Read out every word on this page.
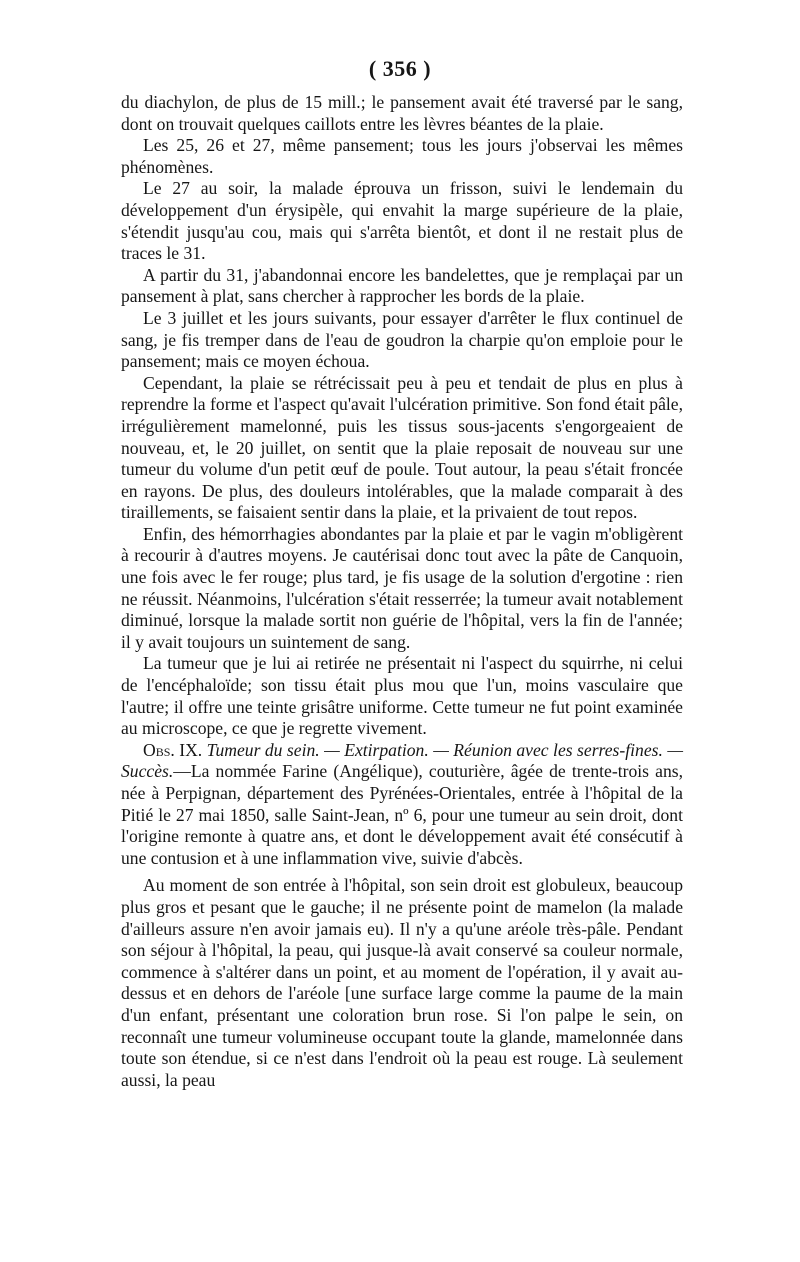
( 356 )

du diachylon, de plus de 15 mill.; le pansement avait été traversé par le sang, dont on trouvait quelques caillots entre les lèvres béantes de la plaie.

Les 25, 26 et 27, même pansement; tous les jours j'observai les mêmes phénomènes.

Le 27 au soir, la malade éprouva un frisson, suivi le lendemain du développement d'un érysipèle, qui envahit la marge supérieure de la plaie, s'étendit jusqu'au cou, mais qui s'arrêta bientôt, et dont il ne restait plus de traces le 31.

A partir du 31, j'abandonnai encore les bandelettes, que je remplaçai par un pansement à plat, sans chercher à rapprocher les bords de la plaie.

Le 3 juillet et les jours suivants, pour essayer d'arrêter le flux continuel de sang, je fis tremper dans de l'eau de goudron la charpie qu'on emploie pour le pansement; mais ce moyen échoua.

Cependant, la plaie se rétrécissait peu à peu et tendait de plus en plus à reprendre la forme et l'aspect qu'avait l'ulcération primitive. Son fond était pâle, irrégulièrement mamelonné, puis les tissus sous-jacents s'engorgeaient de nouveau, et, le 20 juillet, on sentit que la plaie reposait de nouveau sur une tumeur du volume d'un petit œuf de poule. Tout autour, la peau s'était froncée en rayons. De plus, des douleurs intolérables, que la malade comparait à des tiraillements, se faisaient sentir dans la plaie, et la privaient de tout repos.

Enfin, des hémorrhagies abondantes par la plaie et par le vagin m'obligèrent à recourir à d'autres moyens. Je cautérisai donc tout avec la pâte de Canquoin, une fois avec le fer rouge; plus tard, je fis usage de la solution d'ergotine : rien ne réussit. Néanmoins, l'ulcération s'était resserrée; la tumeur avait notablement diminué, lorsque la malade sortit non guérie de l'hôpital, vers la fin de l'année; il y avait toujours un suintement de sang.

La tumeur que je lui ai retirée ne présentait ni l'aspect du squirrhe, ni celui de l'encéphaloïde; son tissu était plus mou que l'un, moins vasculaire que l'autre; il offre une teinte grisâtre uniforme. Cette tumeur ne fut point examinée au microscope, ce que je regrette vivement.

Obs. IX. Tumeur du sein. — Extirpation. — Réunion avec les serres-fines. —Succès.—La nommée Farine (Angélique), couturière, âgée de trente-trois ans, née à Perpignan, département des Pyrénées-Orientales, entrée à l'hôpital de la Pitié le 27 mai 1850, salle Saint-Jean, nº 6, pour une tumeur au sein droit, dont l'origine remonte à quatre ans, et dont le développement avait été consécutif à une contusion et à une inflammation vive, suivie d'abcès.

Au moment de son entrée à l'hôpital, son sein droit est globuleux, beaucoup plus gros et pesant que le gauche; il ne présente point de mamelon (la malade d'ailleurs assure n'en avoir jamais eu). Il n'y a qu'une aréole très-pâle. Pendant son séjour à l'hôpital, la peau, qui jusque-là avait conservé sa couleur normale, commence à s'altérer dans un point, et au moment de l'opération, il y avait au-dessus et en dehors de l'aréole [une surface large comme la paume de la main d'un enfant, présentant une coloration brun rose. Si l'on palpe le sein, on reconnaît une tumeur volumineuse occupant toute la glande, mamelonnée dans toute son étendue, si ce n'est dans l'endroit où la peau est rouge. Là seulement aussi, la peau
